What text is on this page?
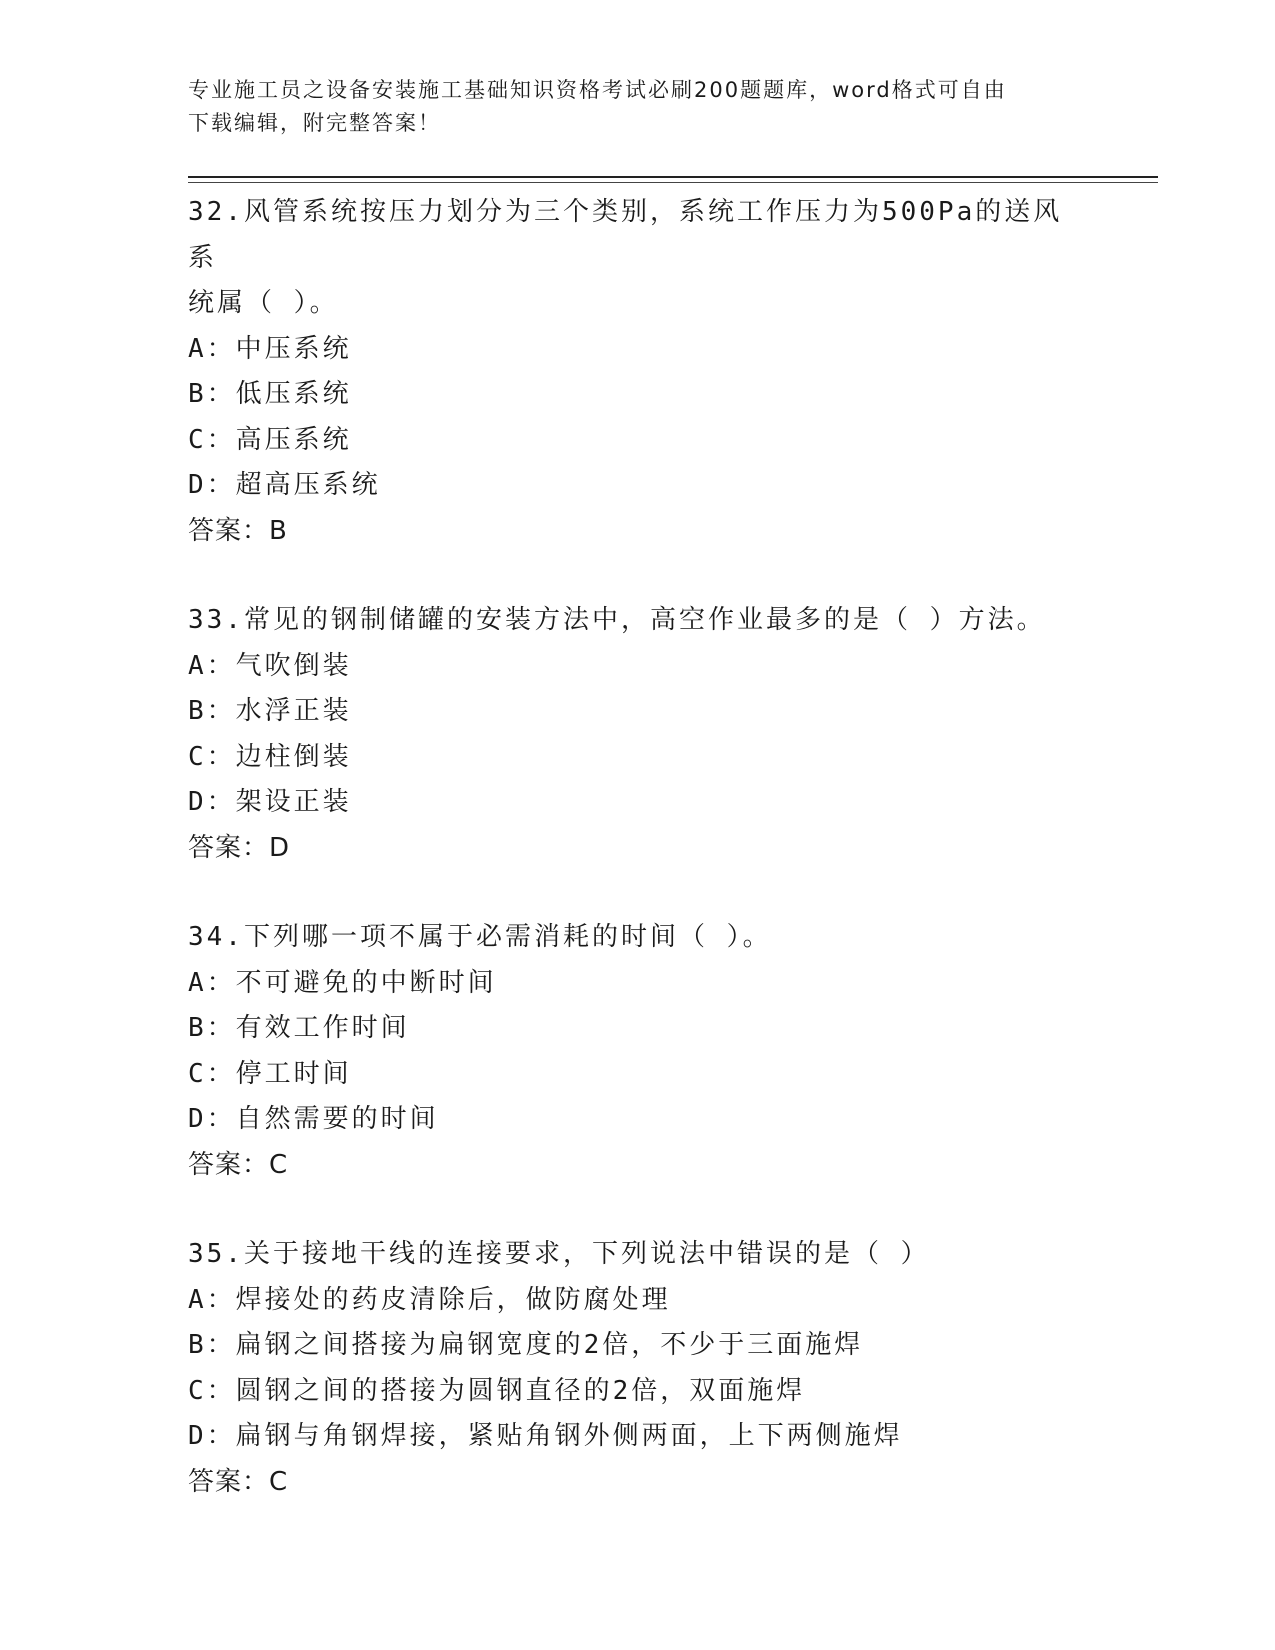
专业施工员之设备安装施工基础知识资格考试必刷200题题库，word格式可自由
下载编辑，附完整答案！
32.风管系统按压力划分为三个类别，系统工作压力为500Pa的送风系
统属（ ）。
A：中压系统
B：低压系统
C：高压系统
D：超高压系统
答案：B
33.常见的钢制储罐的安装方法中，高空作业最多的是（ ）方法。
A：气吹倒装
B：水浮正装
C：边柱倒装
D：架设正装
答案：D
34.下列哪一项不属于必需消耗的时间（ ）。
A：不可避免的中断时间
B：有效工作时间
C：停工时间
D：自然需要的时间
答案：C
35.关于接地干线的连接要求，下列说法中错误的是（ ）
A：焊接处的药皮清除后，做防腐处理
B：扁钢之间搭接为扁钢宽度的2倍，不少于三面施焊
C：圆钢之间的搭接为圆钢直径的2倍，双面施焊
D：扁钢与角钢焊接，紧贴角钢外侧两面，上下两侧施焊
答案：C
